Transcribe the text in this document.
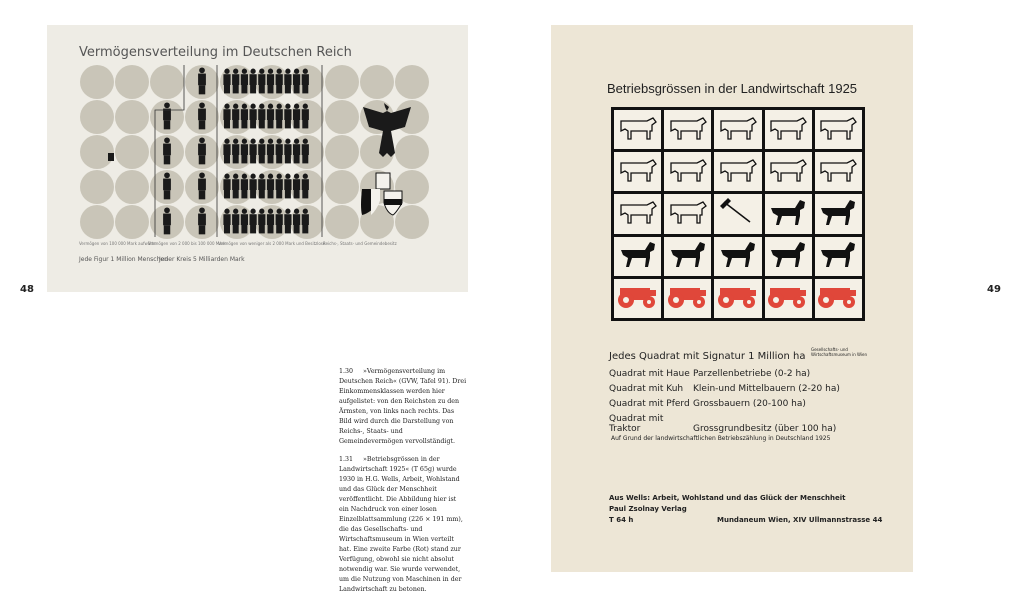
48	49
Vermögensverteilung im Deutschen Reich
Vermögen von 100 000 Mark aufwärts
Vermögen von 2 000 bis 100 000 Mark
Vermögen von weniger als 2 000 Mark und Besitzlose
Reichs-, Staats- und Gemeindebesitz
Jede Figur 1 Million Menschen
Jeder Kreis 5 Milliarden Mark

1.30 »Vermögensverteilung im Deutschen Reich« (GVW, Tafel 91). Drei Einkommensklassen werden hier aufgelistet: von den Reichsten zu den Ärmsten, von links nach rechts. Das Bild wird durch die Darstellung von Reichs-, Staats- und Gemeindevermögen vervollständigt.

1.31 »Betriebsgrössen in der Landwirtschaft 1925« (T 65g) wurde 1930 in H.G. Wells, Arbeit, Wohlstand und das Glück der Menschheit veröffentlicht. Die Abbildung hier ist ein Nachdruck von einer losen Einzelblattsammlung (226 × 191 mm), die das Gesellschafts- und Wirtschaftsmuseum in Wien verteilt hat. Eine zweite Farbe (Rot) stand zur Verfügung, obwohl sie nicht absolut notwendig war. Sie wurde verwendet, um die Nutzung von Maschinen in der Landwirtschaft zu betonen.

Betriebsgrössen in der Landwirtschaft 1925
Jedes Quadrat mit Signatur 1 Million ha
Gesellschafts- und Wirtschaftsmuseum in Wien
Quadrat mit Haue Parzellenbetriebe (0-2 ha)
Quadrat mit Kuh Klein-und Mittelbauern (2-20 ha)
Quadrat mit Pferd Grossbauern (20-100 ha)
Quadrat mit Traktor	Grossgrundbesitz (über 100 ha)
Auf Grund der landwirtschaftlichen Betriebszählung in Deutschland 1925
Aus Wells: Arbeit, Wohlstand und das Glück der Menschheit
Paul Zsolnay Verlag
T 64 h	Mundaneum Wien, XIV Ullmannstrasse 44
